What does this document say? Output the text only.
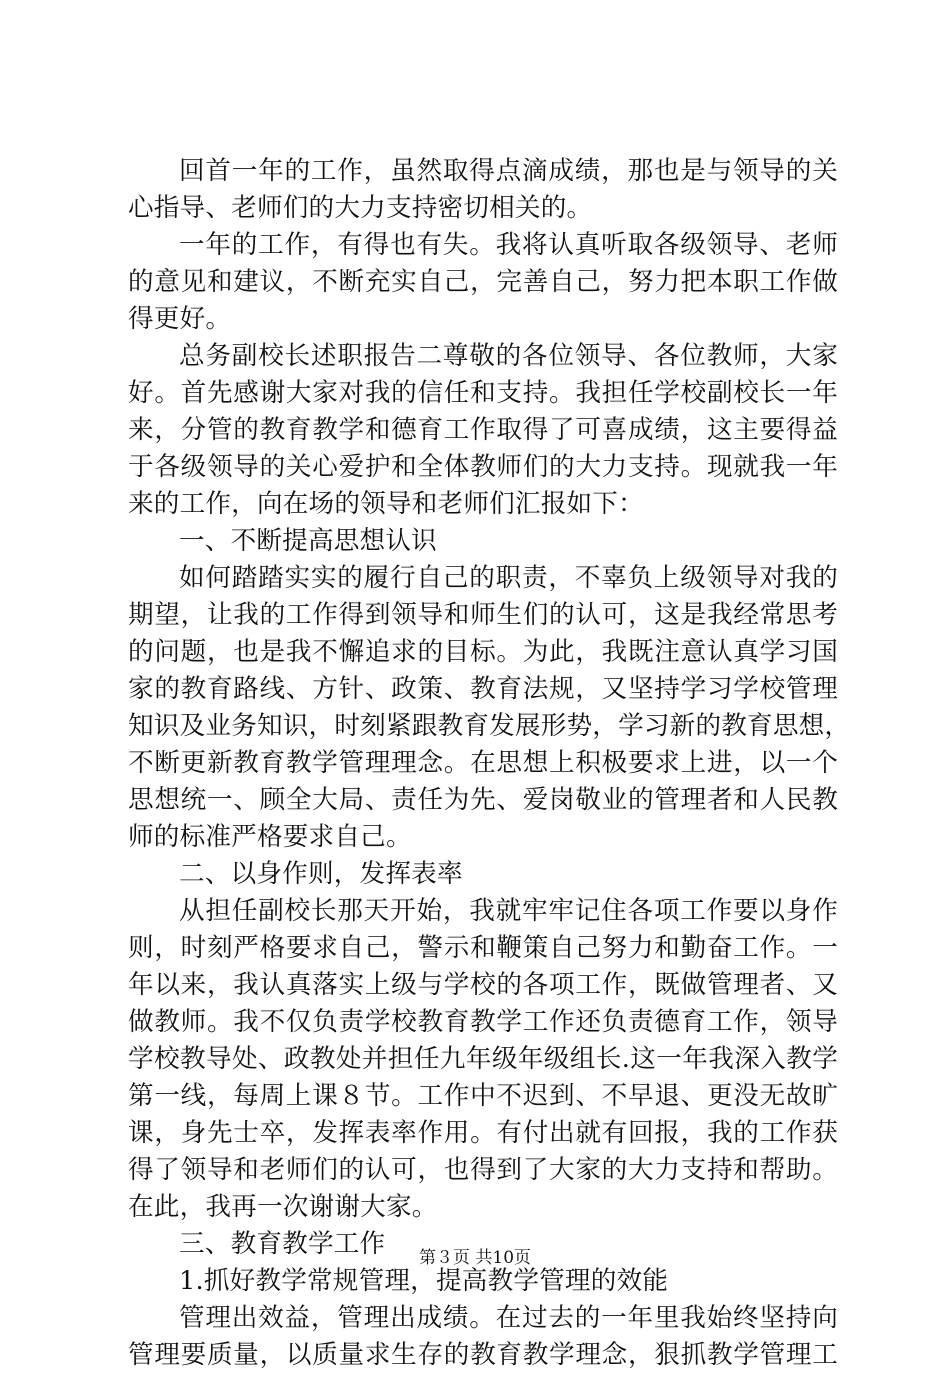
回首一年的工作，虽然取得点滴成绩，那也是与领导的关
心指导、老师们的大力支持密切相关的。
一年的工作，有得也有失。我将认真听取各级领导、老师
的意见和建议，不断充实自己，完善自己，努力把本职工作做
得更好。
总务副校长述职报告二尊敬的各位领导、各位教师，大家
好。首先感谢大家对我的信任和支持。我担任学校副校长一年
来，分管的教育教学和德育工作取得了可喜成绩，这主要得益
于各级领导的关心爱护和全体教师们的大力支持。现就我一年
来的工作，向在场的领导和老师们汇报如下：
一、不断提高思想认识
如何踏踏实实的履行自己的职责，不辜负上级领导对我的
期望，让我的工作得到领导和师生们的认可，这是我经常思考
的问题，也是我不懈追求的目标。为此，我既注意认真学习国
家的教育路线、方针、政策、教育法规，又坚持学习学校管理
知识及业务知识，时刻紧跟教育发展形势，学习新的教育思想，
不断更新教育教学管理理念。在思想上积极要求上进，以一个
思想统一、顾全大局、责任为先、爱岗敬业的管理者和人民教
师的标准严格要求自己。
二、以身作则，发挥表率
从担任副校长那天开始，我就牢牢记住各项工作要以身作
则，时刻严格要求自己，警示和鞭策自己努力和勤奋工作。一
年以来，我认真落实上级与学校的各项工作，既做管理者、又
做教师。我不仅负责学校教育教学工作还负责德育工作，领导
学校教导处、政教处并担任九年级年级组长.这一年我深入教学
第一线，每周上课８节。工作中不迟到、不早退、更没无故旷
课，身先士卒，发挥表率作用。有付出就有回报，我的工作获
得了领导和老师们的认可，也得到了大家的大力支持和帮助。
在此，我再一次谢谢大家。
三、教育教学工作
1.抓好教学常规管理，提高教学管理的效能
管理出效益，管理出成绩。在过去的一年里我始终坚持向
管理要质量，以质量求生存的教育教学理念，狠抓教学管理工
第３页 共10页
